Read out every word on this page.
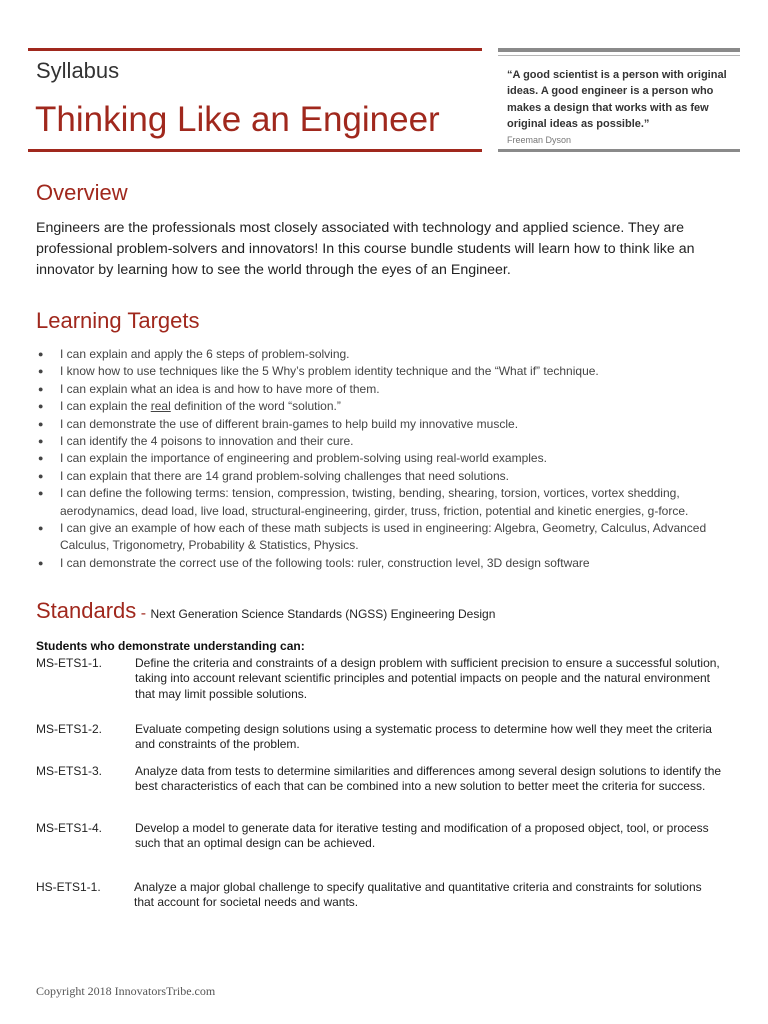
Syllabus
Thinking Like an Engineer
“A good scientist is a person with original ideas. A good engineer is a person who makes a design that works with as few original ideas as possible.”
Freeman Dyson
Overview
Engineers are the professionals most closely associated with technology and applied science. They are professional problem-solvers and innovators! In this course bundle students will learn how to think like an innovator by learning how to see the world through the eyes of an Engineer.
Learning Targets
● I can explain and apply the 6 steps of problem-solving.
● I know how to use techniques like the 5 Why’s problem identity technique and the “What if” technique.
● I can explain what an idea is and how to have more of them.
● I can explain the real definition of the word “solution.”
● I can demonstrate the use of different brain-games to help build my innovative muscle.
● I can identify the 4 poisons to innovation and their cure.
● I can explain the importance of engineering and problem-solving using real-world examples.
● I can explain that there are 14 grand problem-solving challenges that need solutions.
● I can define the following terms: tension, compression, twisting, bending, shearing, torsion, vortices, vortex shedding, aerodynamics, dead load, live load, structural-engineering, girder, truss, friction, potential and kinetic energies, g-force.
● I can give an example of how each of these math subjects is used in engineering: Algebra, Geometry, Calculus, Advanced Calculus, Trigonometry, Probability & Statistics, Physics.
● I can demonstrate the correct use of the following tools: ruler, construction level, 3D design software
Standards - Next Generation Science Standards (NGSS) Engineering Design
Students who demonstrate understanding can:
MS-ETS1-1.	Define the criteria and constraints of a design problem with sufficient precision to ensure a successful solution, taking into account relevant scientific principles and potential impacts on people and the natural environment that may limit possible solutions.
MS-ETS1-2.	Evaluate competing design solutions using a systematic process to determine how well they meet the criteria and constraints of the problem.
MS-ETS1-3.	Analyze data from tests to determine similarities and differences among several design solutions to identify the best characteristics of each that can be combined into a new solution to better meet the criteria for success.
MS-ETS1-4.	Develop a model to generate data for iterative testing and modification of a proposed object, tool, or process such that an optimal design can be achieved.
HS-ETS1-1.	Analyze a major global challenge to specify qualitative and quantitative criteria and constraints for solutions that account for societal needs and wants.
Copyright 2018 InnovatorsTribe.com
